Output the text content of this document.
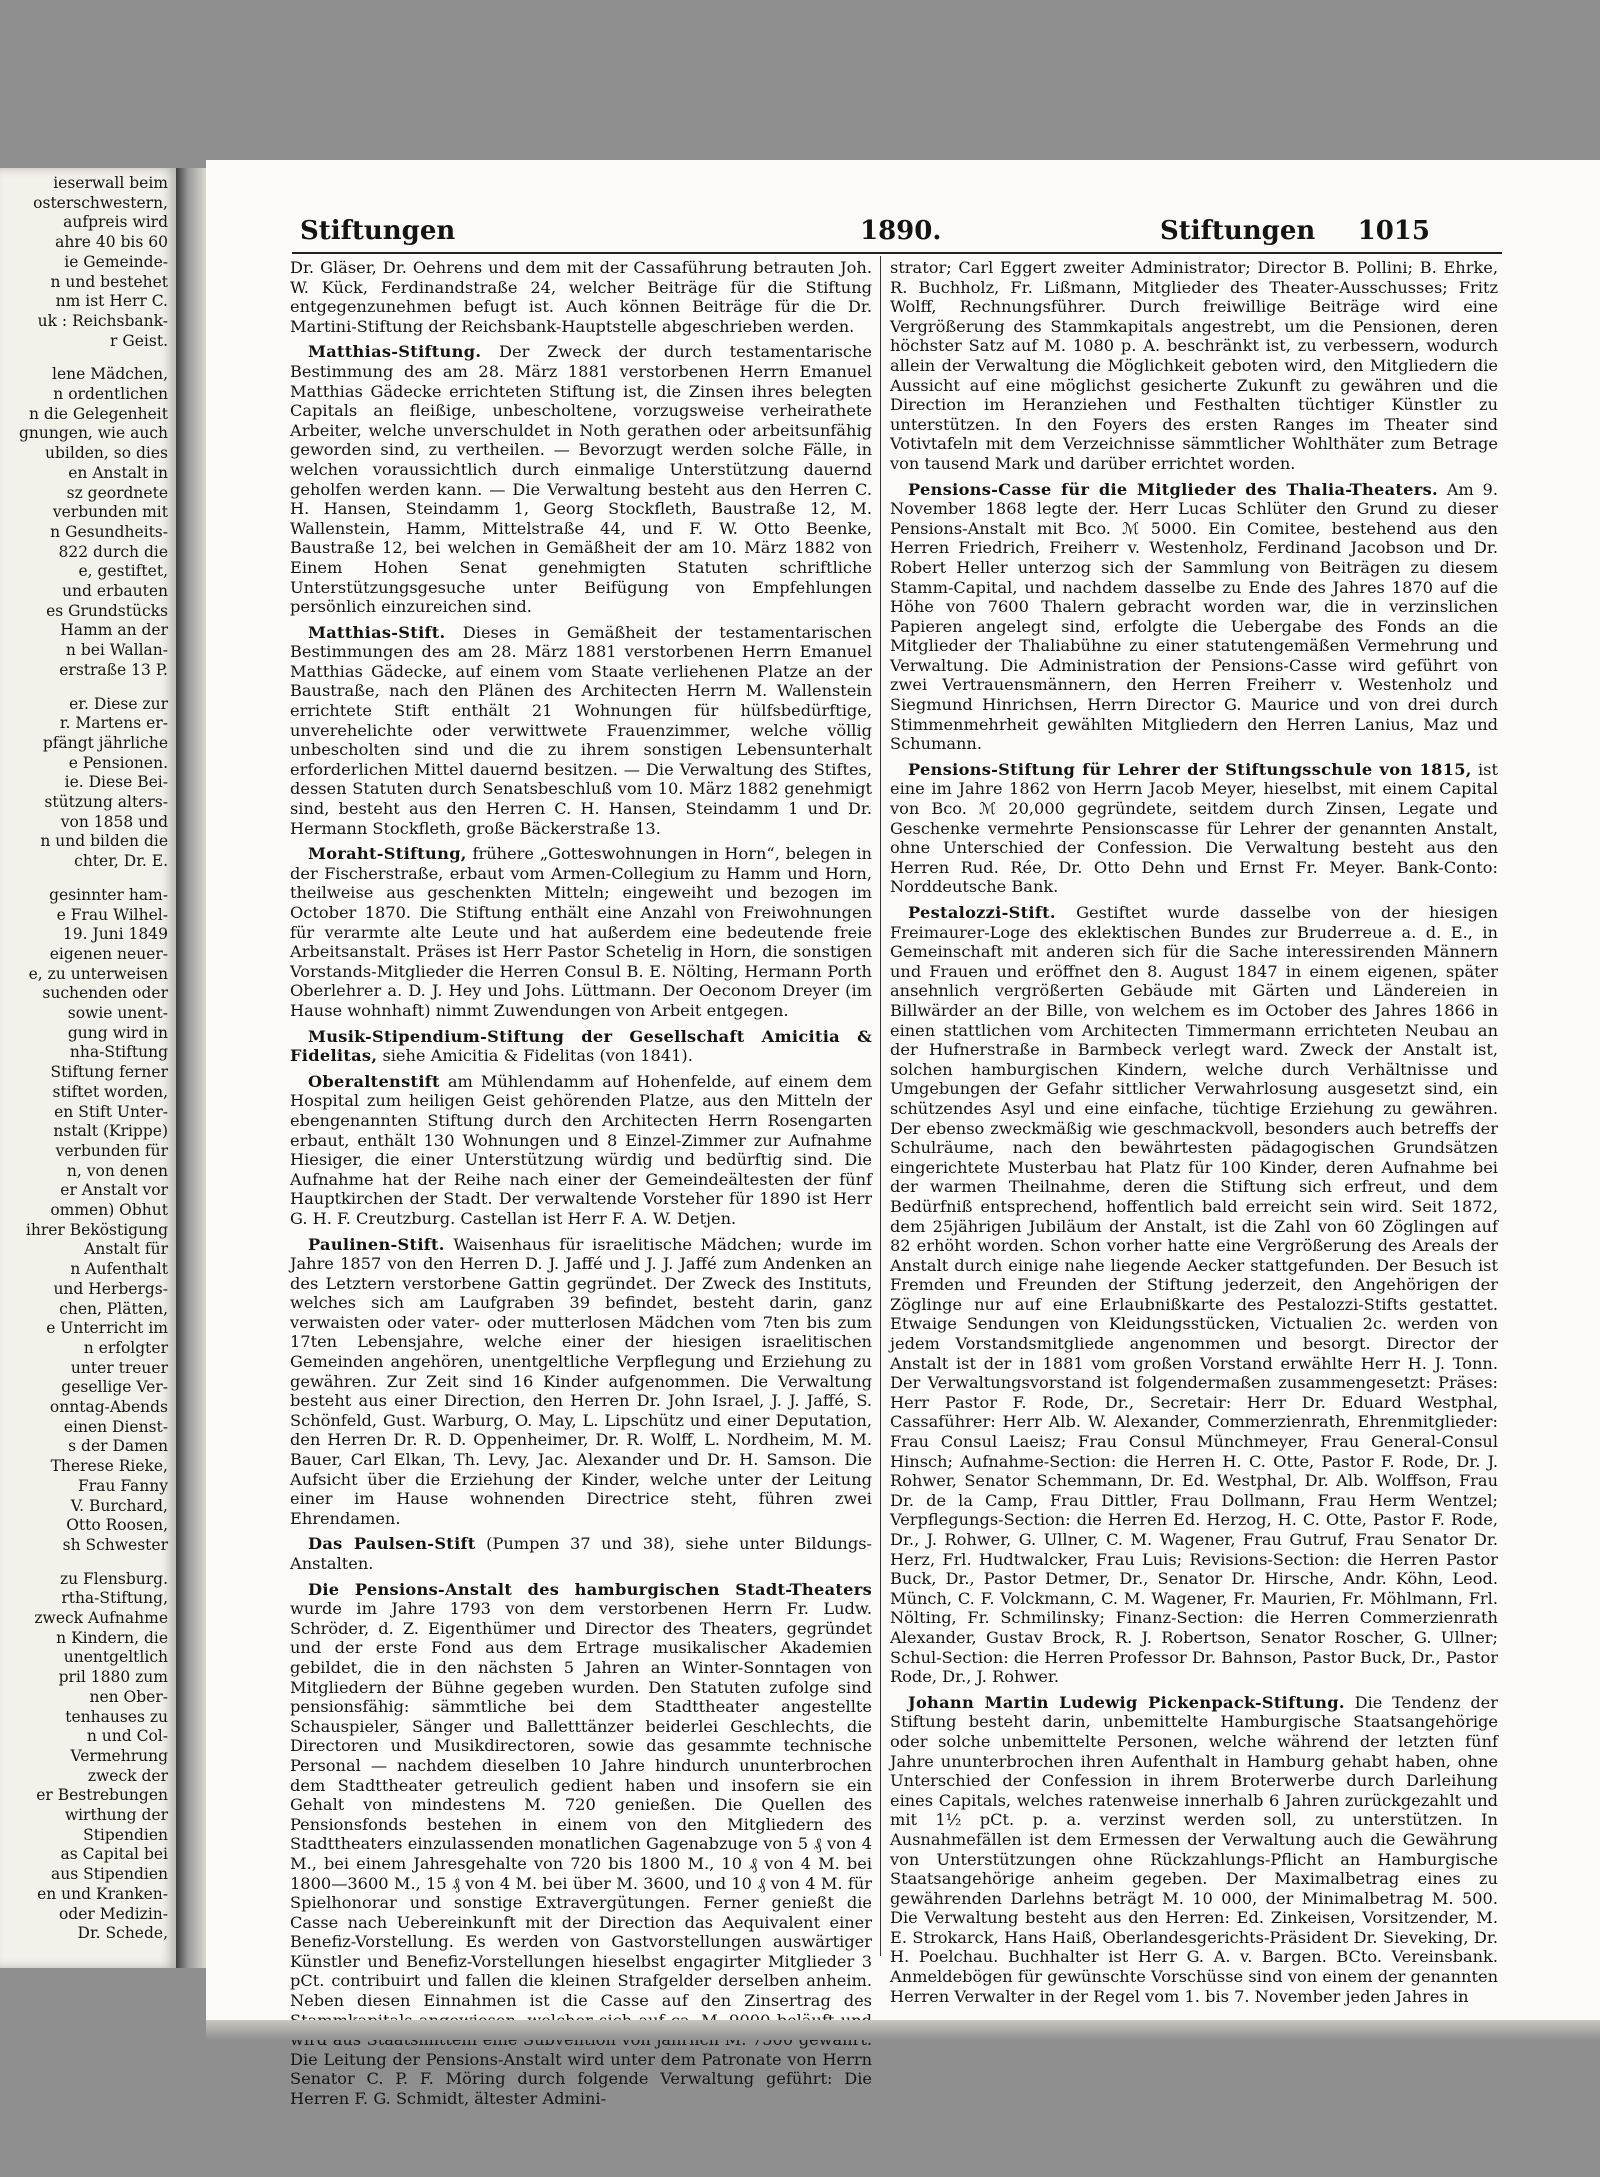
ieserwall beim
osterschwestern,
aufpreis wird
ahre 40 bis 60
ie Gemeinde-
n und bestehet
nm ist Herr C.
uk : Reichsbank-
r Geist.
lene Mädchen,
n ordentlichen
n die Gelegenheit
gnungen, wie auch
ubilden, so dies
en Anstalt in
sz geordnete
verbunden mit
n Gesundheits-
822 durch die
e, gestiftet,
und erbauten
es Grundstücks
Hamm an der
n bei Wallan-
erstraße 13 P.
er. Diese zur
r. Martens er-
pfängt jährliche
e Pensionen.
ie. Diese Bei-
stützung alters-
von 1858 und
n und bilden die
chter, Dr. E.
gesinnter ham-
e Frau Wilhel-
19. Juni 1849
eigenen neuer-
e, zu unterweisen
suchenden oder
sowie unent-
gung wird in
nha-Stiftung
Stiftung ferner
stiftet worden,
en Stift Unter-
nstalt (Krippe)
verbunden für
n, von denen
er Anstalt vor
ommen) Obhut
ihrer Beköstigung
Anstalt für
n Aufenthalt
und Herbergs-
chen, Plätten,
e Unterricht im
n erfolgter
unter treuer
gesellige Ver-
onntag-Abends
einen Dienst-
s der Damen
Therese Rieke,
Frau Fanny
V. Burchard,
Otto Roosen,
sh Schwester
zu Flensburg.
rtha-Stiftung,
zweck Aufnahme
n Kindern, die
unentgeltlich
pril 1880 zum
nen Ober-
tenhauses zu
n und Col-
Vermehrung
zweck der
er Bestrebungen
wirthung der
Stipendien
as Capital bei
aus Stipendien
en und Kranken-
oder Medizin-
Dr. Schede,
Stiftungen	1890.	Stiftungen 1015

Dr. Gläser, Dr. Oehrens und dem mit der Cassaführung betrauten Joh. W. Kück, Ferdinandstraße 24, welcher Beiträge für die Stiftung entgegenzunehmen befugt ist. Auch können Beiträge für die Dr. Martini-Stiftung der Reichsbank-Hauptstelle abgeschrieben werden.

Matthias-Stiftung. Der Zweck der durch testamentarische Bestimmung des am 28. März 1881 verstorbenen Herrn Emanuel Matthias Gädecke errichteten Stiftung ist, die Zinsen ihres belegten Capitals an fleißige, unbescholtene, vorzugsweise verheirathete Arbeiter, welche unverschuldet in Noth gerathen oder arbeitsunfähig geworden sind, zu vertheilen. — Bevorzugt werden solche Fälle, in welchen voraussichtlich durch einmalige Unterstützung dauernd geholfen werden kann. — Die Verwaltung besteht aus den Herren C. H. Hansen, Steindamm 1, Georg Stockfleth, Baustraße 12, M. Wallenstein, Hamm, Mittelstraße 44, und F. W. Otto Beenke, Baustraße 12, bei welchen in Gemäßheit der am 10. März 1882 von Einem Hohen Senat genehmigten Statuten schriftliche Unterstützungsgesuche unter Beifügung von Empfehlungen persönlich einzureichen sind.

Matthias-Stift. Dieses in Gemäßheit der testamentarischen Bestimmungen des am 28. März 1881 verstorbenen Herrn Emanuel Matthias Gädecke, auf einem vom Staate verliehenen Platze an der Baustraße, nach den Plänen des Architecten Herrn M. Wallenstein errichtete Stift enthält 21 Wohnungen für hülfsbedürftige, unverehelichte oder verwittwete Frauenzimmer, welche völlig unbescholten sind und die zu ihrem sonstigen Lebensunterhalt erforderlichen Mittel dauernd besitzen. — Die Verwaltung des Stiftes, dessen Statuten durch Senatsbeschluß vom 10. März 1882 genehmigt sind, besteht aus den Herren C. H. Hansen, Steindamm 1 und Dr. Hermann Stockfleth, große Bäckerstraße 13.

Moraht-Stiftung, frühere „Gotteswohnungen in Horn“, belegen in der Fischerstraße, erbaut vom Armen-Collegium zu Hamm und Horn, theilweise aus geschenkten Mitteln; eingeweiht und bezogen im October 1870. Die Stiftung enthält eine Anzahl von Freiwohnungen für verarmte alte Leute und hat außerdem eine bedeutende freie Arbeitsanstalt. Präses ist Herr Pastor Schetelig in Horn, die sonstigen Vorstands-Mitglieder die Herren Consul B. E. Nölting, Hermann Porth Oberlehrer a. D. J. Hey und Johs. Lüttmann. Der Oeconom Dreyer (im Hause wohnhaft) nimmt Zuwendungen von Arbeit entgegen.

Musik-Stipendium-Stiftung der Gesellschaft Amicitia & Fidelitas, siehe Amicitia & Fidelitas (von 1841).

Oberaltenstift am Mühlendamm auf Hohenfelde, auf einem dem Hospital zum heiligen Geist gehörenden Platze, aus den Mitteln der ebengenannten Stiftung durch den Architecten Herrn Rosengarten erbaut, enthält 130 Wohnungen und 8 Einzel-Zimmer zur Aufnahme Hiesiger, die einer Unterstützung würdig und bedürftig sind. Die Aufnahme hat der Reihe nach einer der Gemeindeältesten der fünf Hauptkirchen der Stadt. Der verwaltende Vorsteher für 1890 ist Herr G. H. F. Creutzburg. Castellan ist Herr F. A. W. Detjen.

Paulinen-Stift. Waisenhaus für israelitische Mädchen; wurde im Jahre 1857 von den Herren D. J. Jaffé und J. J. Jaffé zum Andenken an des Letztern verstorbene Gattin gegründet. Der Zweck des Instituts, welches sich am Laufgraben 39 befindet, besteht darin, ganz verwaisten oder vater- oder mutterlosen Mädchen vom 7ten bis zum 17ten Lebensjahre, welche einer der hiesigen israelitischen Gemeinden angehören, unentgeltliche Verpflegung und Erziehung zu gewähren. Zur Zeit sind 16 Kinder aufgenommen. Die Verwaltung besteht aus einer Direction, den Herren Dr. John Israel, J. J. Jaffé, S. Schönfeld, Gust. Warburg, O. May, L. Lipschütz und einer Deputation, den Herren Dr. R. D. Oppenheimer, Dr. R. Wolff, L. Nordheim, M. M. Bauer, Carl Elkan, Th. Levy, Jac. Alexander und Dr. H. Samson. Die Aufsicht über die Erziehung der Kinder, welche unter der Leitung einer im Hause wohnenden Directrice steht, führen zwei Ehrendamen.

Das Paulsen-Stift (Pumpen 37 und 38), siehe unter Bildungs-Anstalten.

Die Pensions-Anstalt des hamburgischen Stadt-Theaters wurde im Jahre 1793 von dem verstorbenen Herrn Fr. Ludw. Schröder, d. Z. Eigenthümer und Director des Theaters, gegründet und der erste Fond aus dem Ertrage musikalischer Akademien gebildet, die in den nächsten 5 Jahren an Winter-Sonntagen von Mitgliedern der Bühne gegeben wurden. Den Statuten zufolge sind pensionsfähig: sämmtliche bei dem Stadttheater angestellte Schauspieler, Sänger und Balletttänzer beiderlei Geschlechts, die Directoren und Musikdirectoren, sowie das gesammte technische Personal — nachdem dieselben 10 Jahre hindurch ununterbrochen dem Stadttheater getreulich gedient haben und insofern sie ein Gehalt von mindestens M. 720 genießen. Die Quellen des Pensionsfonds bestehen in einem von den Mitgliedern des Stadttheaters einzulassenden monatlichen Gagenabzuge von 5 ₰ von 4 M., bei einem Jahresgehalte von 720 bis 1800 M., 10 ₰ von 4 M. bei 1800—3600 M., 15 ₰ von 4 M. bei über M. 3600, und 10 ₰ von 4 M. für Spielhonorar und sonstige Extravergütungen. Ferner genießt die Casse nach Uebereinkunft mit der Direction das Aequivalent einer Benefiz-Vorstellung. Es werden von Gastvorstellungen auswärtiger Künstler und Benefiz-Vorstellungen hieselbst engagirter Mitglieder 3 pCt. contribuirt und fallen die kleinen Strafgelder derselben anheim. Neben diesen Einnahmen ist die Casse auf den Zinsertrag des Die Leitung der Pensions-Anstalt wird unter dem Patronate von Herrn Senator C. P. F. Möring durch folgende Verwaltung geführt: Die Herren F. G. Schmidt, ältester Admini-

strator; Carl Eggert zweiter Administrator; Director B. Pollini; B. Ehrke, R. Buchholz, Fr. Lißmann, Mitglieder des Theater-Ausschusses; Fritz Wolff, Rechnungsführer. Durch freiwillige Beiträge wird eine Vergrößerung des Stammkapitals angestrebt, um die Pensionen, deren höchster Satz auf M. 1080 p. A. beschränkt ist, zu verbessern, wodurch allein der Verwaltung die Möglichkeit geboten wird, den Mitgliedern die Aussicht auf eine möglichst gesicherte Zukunft zu gewähren und die Direction im Heranziehen und Festhalten tüchtiger Künstler zu unterstützen. In den Foyers des ersten Ranges im Theater sind Votivtafeln mit dem Verzeichnisse sämmtlicher Wohlthäter zum Betrage von tausend Mark und darüber errichtet worden.

Pensions-Casse für die Mitglieder des Thalia-Theaters. Am 9. November 1868 legte der. Herr Lucas Schlüter den Grund zu dieser Pensions-Anstalt mit Bco. ℳ 5000. Ein Comitee, bestehend aus den Herren Friedrich, Freiherr v. Westenholz, Ferdinand Jacobson und Dr. Robert Heller unterzog sich der Sammlung von Beiträgen zu diesem Stamm-Capital, und nachdem dasselbe zu Ende des Jahres 1870 auf die Höhe von 7600 Thalern gebracht worden war, die in verzinslichen Papieren angelegt sind, erfolgte die Uebergabe des Fonds an die Mitglieder der Thaliabühne zu einer statutengemäßen Vermehrung und Verwaltung. Die Administration der Pensions-Casse wird geführt von zwei Vertrauensmännern, den Herren Freiherr v. Westenholz und Siegmund Hinrichsen, Herrn Director G. Maurice und von drei durch Stimmenmehrheit gewählten Mitgliedern den Herren Lanius, Maz und Schumann.

Pensions-Stiftung für Lehrer der Stiftungsschule von 1815, ist eine im Jahre 1862 von Herrn Jacob Meyer, hieselbst, mit einem Capital von Bco. ℳ 20,000 gegründete, seitdem durch Zinsen, Legate und Geschenke vermehrte Pensionscasse für Lehrer der genannten Anstalt, ohne Unterschied der Confession. Die Verwaltung besteht aus den Herren Rud. Rée, Dr. Otto Dehn und Ernst Fr. Meyer. Bank-Conto: Norddeutsche Bank.

Pestalozzi-Stift. Gestiftet wurde dasselbe von der hiesigen Freimaurer-Loge des eklektischen Bundes zur Bruderreue a. d. E., in Gemeinschaft mit anderen sich für die Sache interessirenden Männern und Frauen und eröffnet den 8. August 1847 in einem eigenen, später ansehnlich vergrößerten Gebäude mit Gärten und Ländereien in Billwärder an der Bille, von welchem es im October des Jahres 1866 in einen stattlichen vom Architecten Timmermann errichteten Neubau an der Hufnerstraße in Barmbeck verlegt ward. Zweck der Anstalt ist, solchen hamburgischen Kindern, welche durch Verhältnisse und Umgebungen der Gefahr sittlicher Verwahrlosung ausgesetzt sind, ein schützendes Asyl und eine einfache, tüchtige Erziehung zu gewähren. Der ebenso zweckmäßig wie geschmackvoll, besonders auch betreffs der Schulräume, nach den bewährtesten pädagogischen Grundsätzen eingerichtete Musterbau hat Platz für 100 Kinder, deren Aufnahme bei der warmen Theilnahme, deren die Stiftung sich erfreut, und dem Bedürfniß entsprechend, hoffentlich bald erreicht sein wird. Seit 1872, dem 25jährigen Jubiläum der Anstalt, ist die Zahl von 60 Zöglingen auf 82 erhöht worden. Schon vorher hatte eine Vergrößerung des Areals der Anstalt durch einige nahe liegende Aecker stattgefunden. Der Besuch ist Fremden und Freunden der Stiftung jederzeit, den Angehörigen der Zöglinge nur auf eine Erlaubnißkarte des Pestalozzi-Stifts gestattet. Etwaige Sendungen von Kleidungsstücken, Victualien 2c. werden von jedem Vorstandsmitgliede angenommen und besorgt. Director der Anstalt ist der in 1881 vom großen Vorstand erwählte Herr H. J. Tonn. Der Verwaltungsvorstand ist folgendermaßen zusammengesetzt: Präses: Herr Pastor F. Rode, Dr., Secretair: Herr Dr. Eduard Westphal, Cassaführer: Herr Alb. W. Alexander, Commerzienrath, Ehrenmitglieder: Frau Consul Laeisz; Frau Consul Münchmeyer, Frau General-Consul Hinsch; Aufnahme-Section: die Herren H. C. Otte, Pastor F. Rode, Dr. J. Rohwer, Senator Schemmann, Dr. Ed. Westphal, Dr. Alb. Wolffson, Frau Dr. de la Camp, Frau Dittler, Frau Dollmann, Frau Herm Wentzel; Verpflegungs-Section: die Herren Ed. Herzog, H. C. Otte, Pastor F. Rode, Dr., J. Rohwer, G. Ullner, C. M. Wagener, Frau Gutruf, Frau Senator Dr. Herz, Frl. Hudtwalcker, Frau Luis; Revisions-Section: die Herren Pastor Buck, Dr., Pastor Detmer, Dr., Senator Dr. Hirsche, Andr. Köhn, Leod. Münch, C. F. Volckmann, C. M. Wagener, Fr. Maurien, Fr. Möhlmann, Frl. Nölting, Fr. Schmilinsky; Finanz-Section: die Herren Commerzienrath Alexander, Gustav Brock, R. J. Robertson, Senator Roscher, G. Ullner; Schul-Section: die Herren Professor Dr. Bahnson, Pastor Buck, Dr., Pastor Rode, Dr., J. Rohwer.

Johann Martin Ludewig Pickenpack-Stiftung. Die Tendenz der Stiftung besteht darin, unbemittelte Hamburgische Staatsangehörige oder solche unbemittelte Personen, welche während der letzten fünf Jahre ununterbrochen ihren Aufenthalt in Hamburg gehabt haben, ohne Unterschied der Confession in ihrem Broterwerbe durch Darleihung eines Capitals, welches ratenweise innerhalb 6 Jahren zurückgezahlt und mit 1½ pCt. p. a. verzinst werden soll, zu unterstützen. In Ausnahmefällen ist dem Ermessen der Verwaltung auch die Gewährung von Unterstützungen ohne Rückzahlungs-Pflicht an Hamburgische Staatsangehörige anheim gegeben. Der Maximalbetrag eines zu gewährenden Darlehns beträgt M. 10 000, der Minimalbetrag M. 500. Die Verwaltung besteht aus den Herren: Ed. Zinkeisen, Vorsitzender, M. E. Strokarck, Hans Haiß, Oberlandesgerichts-Präsident Dr. Sieveking, Dr. H. Poelchau. Buchhalter ist Herr G. A. v. Bargen. BCto. Vereinsbank. Anmeldebögen für gewünschte Vorschüsse sind von einem der genannten Herren Verwalter in der Regel vom 1. bis 7. November jeden Jahres in
